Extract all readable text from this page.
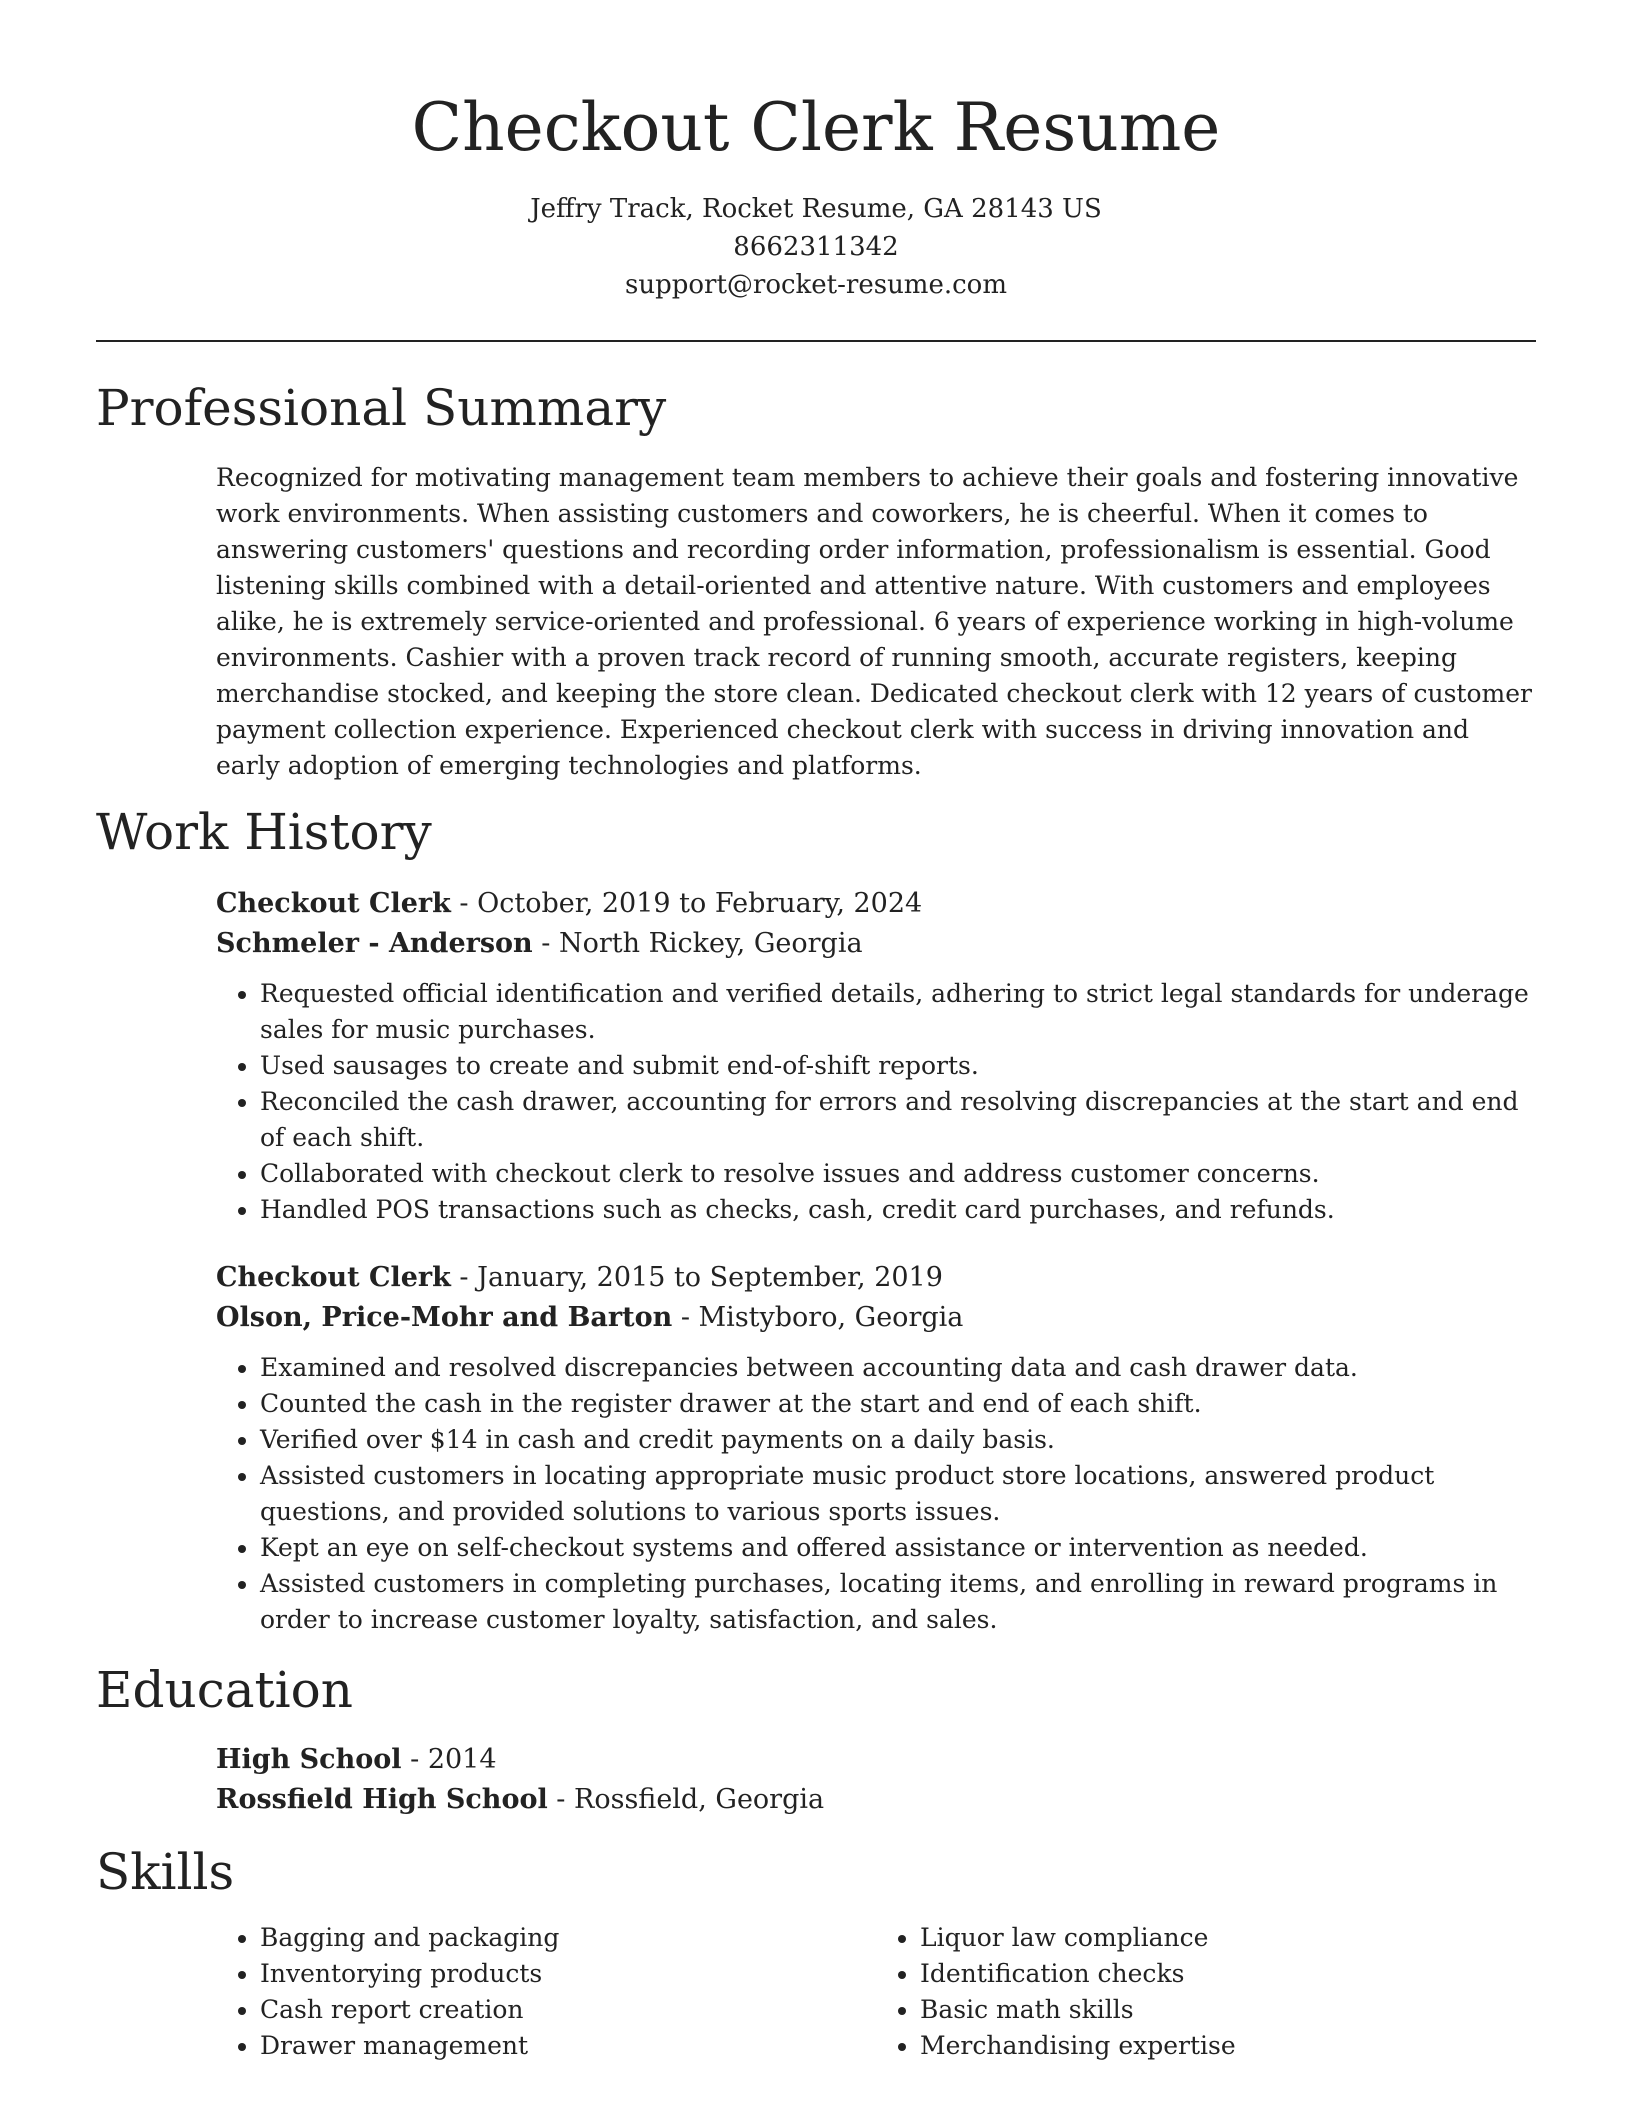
Checkout Clerk Resume
Jeffry Track, Rocket Resume, GA 28143 US
8662311342
support@rocket-resume.com
Professional Summary

Recognized for motivating management team members to achieve their goals and fostering innovative work environments. When assisting customers and coworkers, he is cheerful. When it comes to answering customers' questions and recording order information, professionalism is essential. Good listening skills combined with a detail-oriented and attentive nature. With customers and employees alike, he is extremely service-oriented and professional. 6 years of experience working in high-volume environments. Cashier with a proven track record of running smooth, accurate registers, keeping merchandise stocked, and keeping the store clean. Dedicated checkout clerk with 12 years of customer payment collection experience. Experienced checkout clerk with success in driving innovation and early adoption of emerging technologies and platforms.

Work History

Checkout Clerk - October, 2019 to February, 2024

Schmeler - Anderson - North Rickey, Georgia

• Requested official identification and verified details, adhering to strict legal standards for underage sales for music purchases.
• Used sausages to create and submit end-of-shift reports.
• Reconciled the cash drawer, accounting for errors and resolving discrepancies at the start and end of each shift.
• Collaborated with checkout clerk to resolve issues and address customer concerns.
• Handled POS transactions such as checks, cash, credit card purchases, and refunds.

Checkout Clerk - January, 2015 to September, 2019

Olson, Price-Mohr and Barton - Mistyboro, Georgia

• Examined and resolved discrepancies between accounting data and cash drawer data.
• Counted the cash in the register drawer at the start and end of each shift.
• Verified over $14 in cash and credit payments on a daily basis.
• Assisted customers in locating appropriate music product store locations, answered product questions, and provided solutions to various sports issues.
• Kept an eye on self-checkout systems and offered assistance or intervention as needed.
• Assisted customers in completing purchases, locating items, and enrolling in reward programs in order to increase customer loyalty, satisfaction, and sales.
Education

High School - 2014

Rossfield High School - Rossfield, Georgia

Skills
• Bagging and packaging
• Inventorying products
• Cash report creation
• Drawer management
• Liquor law compliance
• Identification checks
• Basic math skills
• Merchandising expertise
